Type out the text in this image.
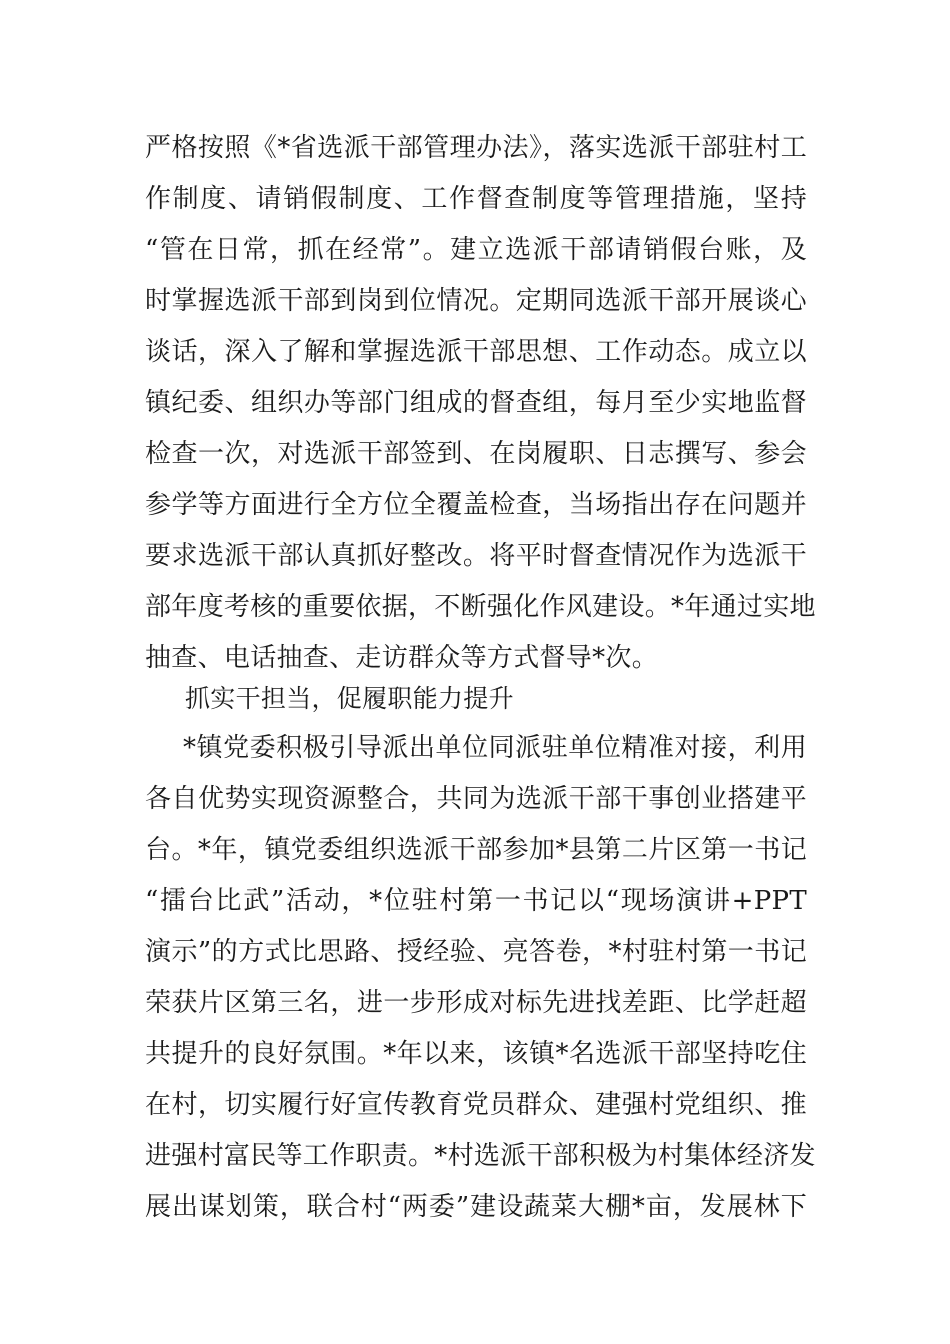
严格按照《*省选派干部管理办法》，落实选派干部驻村工
作制度、请销假制度、工作督查制度等管理措施，坚持
“管在日常，抓在经常”。建立选派干部请销假台账，及
时掌握选派干部到岗到位情况。定期同选派干部开展谈心
谈话，深入了解和掌握选派干部思想、工作动态。成立以
镇纪委、组织办等部门组成的督查组，每月至少实地监督
检查一次，对选派干部签到、在岗履职、日志撰写、参会
参学等方面进行全方位全覆盖检查，当场指出存在问题并
要求选派干部认真抓好整改。将平时督查情况作为选派干
部年度考核的重要依据，不断强化作风建设。*年通过实地
抽查、电话抽查、走访群众等方式督导*次。
抓实干担当，促履职能力提升
*镇党委积极引导派出单位同派驻单位精准对接，利用
各自优势实现资源整合，共同为选派干部干事创业搭建平
台。*年，镇党委组织选派干部参加*县第二片区第一书记
“擂台比武”活动，*位驻村第一书记以“现场演讲+PPT
演示”的方式比思路、授经验、亮答卷，*村驻村第一书记
荣获片区第三名，进一步形成对标先进找差距、比学赶超
共提升的良好氛围。*年以来，该镇*名选派干部坚持吃住
在村，切实履行好宣传教育党员群众、建强村党组织、推
进强村富民等工作职责。*村选派干部积极为村集体经济发
展出谋划策，联合村“两委”建设蔬菜大棚*亩，发展林下
